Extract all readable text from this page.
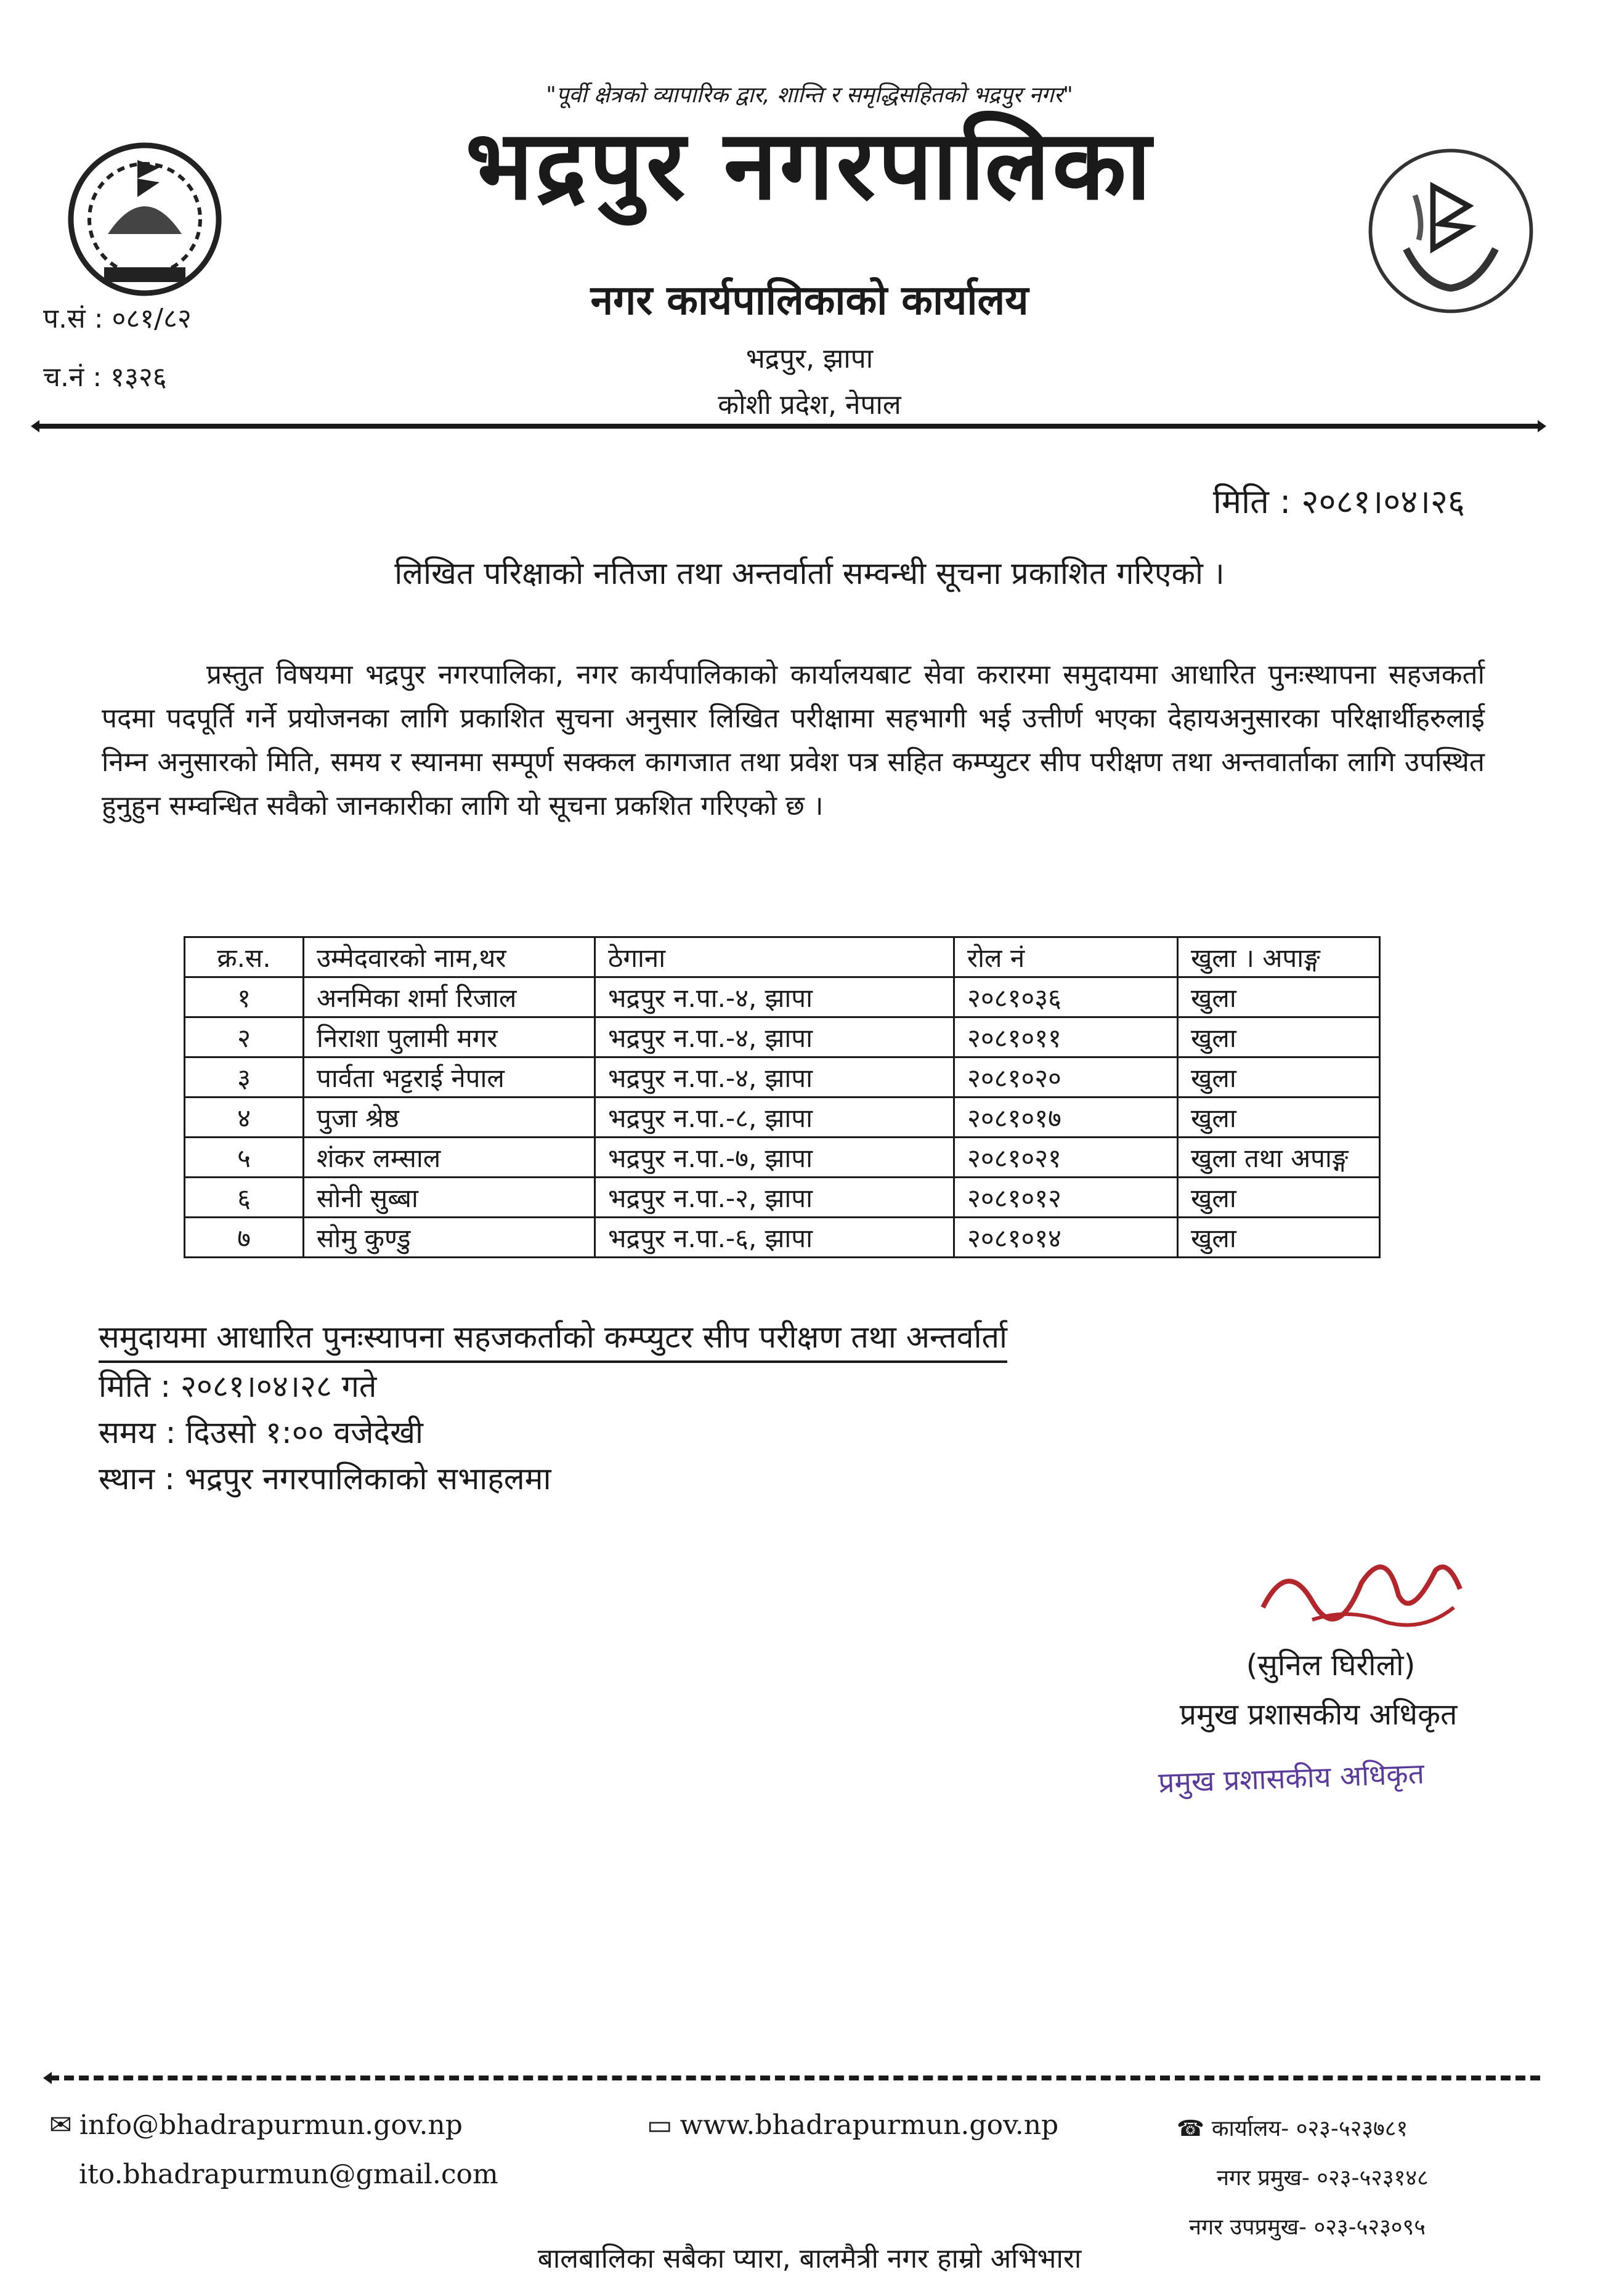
"पूर्वी क्षेत्रको व्यापारिक द्वार, शान्ति र समृद्धिसहितको भद्रपुर नगर"
भद्रपुर नगरपालिका
नगर कार्यपालिकाको कार्यालय
प.सं : ०८१/८२
भद्रपुर, झापा
च.नं : १३२६
कोशी प्रदेश, नेपाल
मिति : २०८१।०४।२६
लिखित परिक्षाको नतिजा तथा अन्तर्वार्ता सम्वन्धी सूचना प्रकाशित गरिएको ।
प्रस्तुत विषयमा भद्रपुर नगरपालिका, नगर कार्यपालिकाको कार्यालयबाट सेवा करारमा समुदायमा आधारित पुनःस्थापना सहजकर्ता पदमा पदपूर्ति गर्ने प्रयोजनका लागि प्रकाशित सुचना अनुसार लिखित परीक्षामा सहभागी भई उत्तीर्ण भएका देहायअनुसारका परिक्षार्थीहरुलाई निम्न अनुसारको मिति, समय र स्यानमा सम्पूर्ण सक्कल कागजात तथा प्रवेश पत्र सहित कम्प्युटर सीप परीक्षण तथा अन्तवार्ताका लागि उपस्थित हुनुहुन सम्वन्धित सवैको जानकारीका लागि यो सूचना प्रकशित गरिएको छ ।
क्र.स.	उम्मेदवारको नाम,थर	ठेगाना	रोल नं	खुला । अपाङ्ग
१	अनमिका शर्मा रिजाल	भद्रपुर न.पा.-४, झापा	२०८१०३६	खुला
२	निराशा पुलामी मगर	भद्रपुर न.पा.-४, झापा	२०८१०११	खुला
३	पार्वता भट्टराई नेपाल	भद्रपुर न.पा.-४, झापा	२०८१०२०	खुला
४	पुजा श्रेष्ठ	भद्रपुर न.पा.-८, झापा	२०८१०१७	खुला
५	शंकर लम्साल	भद्रपुर न.पा.-७, झापा	२०८१०२१	खुला तथा अपाङ्ग
६	सोनी सुब्बा	भद्रपुर न.पा.-२, झापा	२०८१०१२	खुला
७	सोमु कुण्डु	भद्रपुर न.पा.-६, झापा	२०८१०१४	खुला
समुदायमा आधारित पुनःस्यापना सहजकर्ताको कम्प्युटर सीप परीक्षण तथा अन्तर्वार्ता
मिति : २०८१।०४।२८ गते
समय : दिउसो १:०० वजेदेखी
स्थान : भद्रपुर नगरपालिकाको सभाहलमा
(सुनिल घिरीलो)
प्रमुख प्रशासकीय अधिकृत
प्रमुख प्रशासकीय अधिकृत
✉ info@bhadrapurmun.gov.np
ito.bhadrapurmun@gmail.com
▭ www.bhadrapurmun.gov.np	☎ कार्यालय- ०२३-५२३७८१
नगर प्रमुख- ०२३-५२३१४८
नगर उपप्रमुख- ०२३-५२३०९५
बालबालिका सबैका प्यारा, बालमैत्री नगर हाम्रो अभिभारा
